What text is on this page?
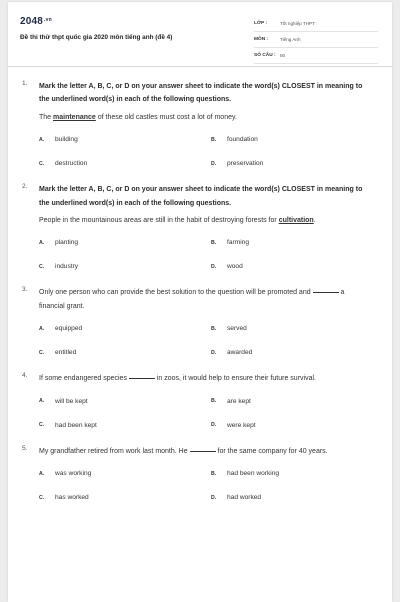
$2048^{.vn}$
Đề thi thử thpt quốc gia 2020 môn tiếng anh (đề 4)
LỚP :	Tốt nghiệp THPT
MÔN :	Tiếng Anh
SỐ CÂU : 50
1. Mark the letter A, B, C, or D on your answer sheet to indicate the word(s) CLOSEST in meaning to the underlined word(s) in each of the following questions.
The maintenance of these old castles must cost a lot of money.
A.	building	B.	foundation
C.	destruction	D.	preservation
2. Mark the letter A, B, C, or D on your answer sheet to indicate the word(s) CLOSEST in meaning to the underlined word(s) in each of the following questions.
People in the mountainous areas are still in the habit of destroying forests for cultivation.
A.	planting	B.	farming
C.	industry	D.	wood
3. Only one person who can provide the best solution to the question will be promoted and	a financial grant.
A.	equipped	B.	served
C.	entitled	D.	awarded
4. If some endangered species	in zoos, it would help to ensure their future survival.
A.	will be kept	B.	are kept
C.	had been kept	D.	were kept
5. My grandfather retired from work last month. He	for the same company for 40 years.
A.	was working	B.	had been working
C.	has worked	D.	had worked
